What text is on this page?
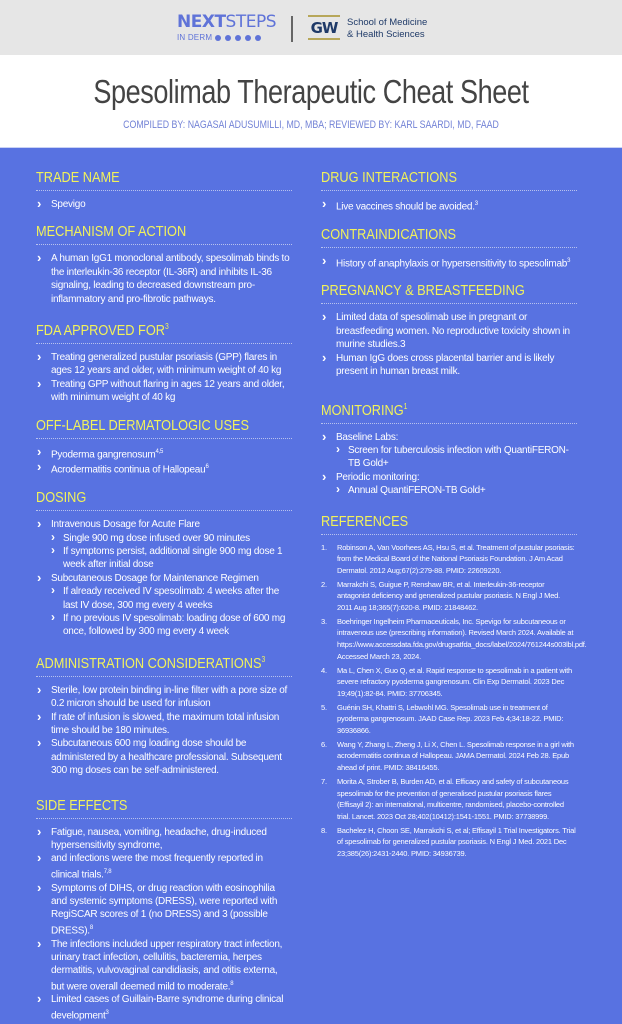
NEXTSTEPS
IN DERM
GW School of Medicine
& Health Sciences
Spesolimab Therapeutic Cheat Sheet
COMPILED BY: NAGASAI ADUSUMILLI, MD, MBA; REVIEWED BY: KARL SAARDI, MD, FAAD
TRADE NAME
› Spevigo
MECHANISM OF ACTION
› A human IgG1 monoclonal antibody, spesolimab binds to the interleukin-36 receptor (IL-36R) and inhibits IL-36 signaling, leading to decreased downstream pro-inflammatory and pro-fibrotic pathways.
FDA APPROVED FOR$^3$
› Treating generalized pustular psoriasis (GPP) flares in ages 12 years and older, with minimum weight of 40 kg
› Treating GPP without flaring in ages 12 years and older, with minimum weight of 40 kg
OFF-LABEL DERMATOLOGIC USES
› Pyoderma gangrenosum$^{4,5}$
› Acrodermatitis continua of Hallopeau$^6$
DOSING
› Intravenous Dosage for Acute Flare
› Single 900 mg dose infused over 90 minutes
› If symptoms persist, additional single 900 mg dose 1 week after initial dose
› Subcutaneous Dosage for Maintenance Regimen
› If already received IV spesolimab: 4 weeks after the last IV dose, 300 mg every 4 weeks
› If no previous IV spesolimab: loading dose of 600 mg once, followed by 300 mg every 4 week
ADMINISTRATION CONSIDERATIONS$^3$
› Sterile, low protein binding in-line filter with a pore size of 0.2 micron should be used for infusion
› If rate of infusion is slowed, the maximum total infusion time should be 180 minutes.
› Subcutaneous 600 mg loading dose should be administered by a healthcare professional. Subsequent 300 mg doses can be self-administered.
SIDE EFFECTS
› Fatigue, nausea, vomiting, headache, drug-induced hypersensitivity syndrome,
› and infections were the most frequently reported in clinical trials.$^{7,8}$
› Symptoms of DIHS, or drug reaction with eosinophilia and systemic symptoms (DRESS), were reported with RegiSCAR scores of 1 (no DRESS) and 3 (possible DRESS).$^8$
› The infections included upper respiratory tract infection, urinary tract infection, cellulitis, bacteremia, herpes dermatitis, vulvovaginal candidiasis, and otitis externa, but were overall deemed mild to moderate.$^8$
› Limited cases of Guillain-Barre syndrome during clinical development$^3$
DRUG INTERACTIONS
› Live vaccines should be avoided.$^3$
CONTRAINDICATIONS
› History of anaphylaxis or hypersensitivity to spesolimab$^3$
PREGNANCY & BREASTFEEDING
› Limited data of spesolimab use in pregnant or breastfeeding women. No reproductive toxicity shown in murine studies.3
› Human IgG does cross placental barrier and is likely present in human breast milk.
MONITORING$^1$
› Baseline Labs:
› Screen for tuberculosis infection with QuantiFERON-TB Gold+
› Periodic monitoring:
› Annual QuantiFERON-TB Gold+
REFERENCES
1. Robinson A, Van Voorhees AS, Hsu S, et al. Treatment of pustular psoriasis: from the Medical Board of the National Psoriasis Foundation. J Am Acad Dermatol. 2012 Aug;67(2):279-88. PMID: 22609220.
2. Marrakchi S, Guigue P, Renshaw BR, et al. Interleukin-36-receptor antagonist deficiency and generalized pustular psoriasis. N Engl J Med. 2011 Aug 18;365(7):620-8. PMID: 21848462.
3. Boehringer Ingelheim Pharmaceuticals, Inc. Spevigo for subcutaneous or intravenous use (prescribing information). Revised March 2024. Available at https://www.accessdata.fda.gov/drugsatfda_docs/label/2024/761244s003lbl.pdf. Accessed March 23, 2024.
4. Ma L, Chen X, Guo Q, et al. Rapid response to spesolimab in a patient with severe refractory pyoderma gangrenosum. Clin Exp Dermatol. 2023 Dec 19;49(1):82-84. PMID: 37706345.
5. Guénin SH, Khattri S, Lebwohl MG. Spesolimab use in treatment of pyoderma gangrenosum. JAAD Case Rep. 2023 Feb 4;34:18-22. PMID: 36936866.
6. Wang Y, Zhang L, Zheng J, Li X, Chen L. Spesolimab response in a girl with acrodermatitis continua of Hallopeau. JAMA Dermatol. 2024 Feb 28. Epub ahead of print. PMID: 38416455.
7. Morita A, Strober B, Burden AD, et al. Efficacy and safety of subcutaneous spesolimab for the prevention of generalised pustular psoriasis flares (Effisayil 2): an international, multicentre, randomised, placebo-controlled trial. Lancet. 2023 Oct 28;402(10412):1541-1551. PMID: 37738999.
8. Bachelez H, Choon SE, Marrakchi S, et al; Effisayil 1 Trial Investigators. Trial of spesolimab for generalized pustular psoriasis. N Engl J Med. 2021 Dec 23;385(26):2431-2440. PMID: 34936739.
